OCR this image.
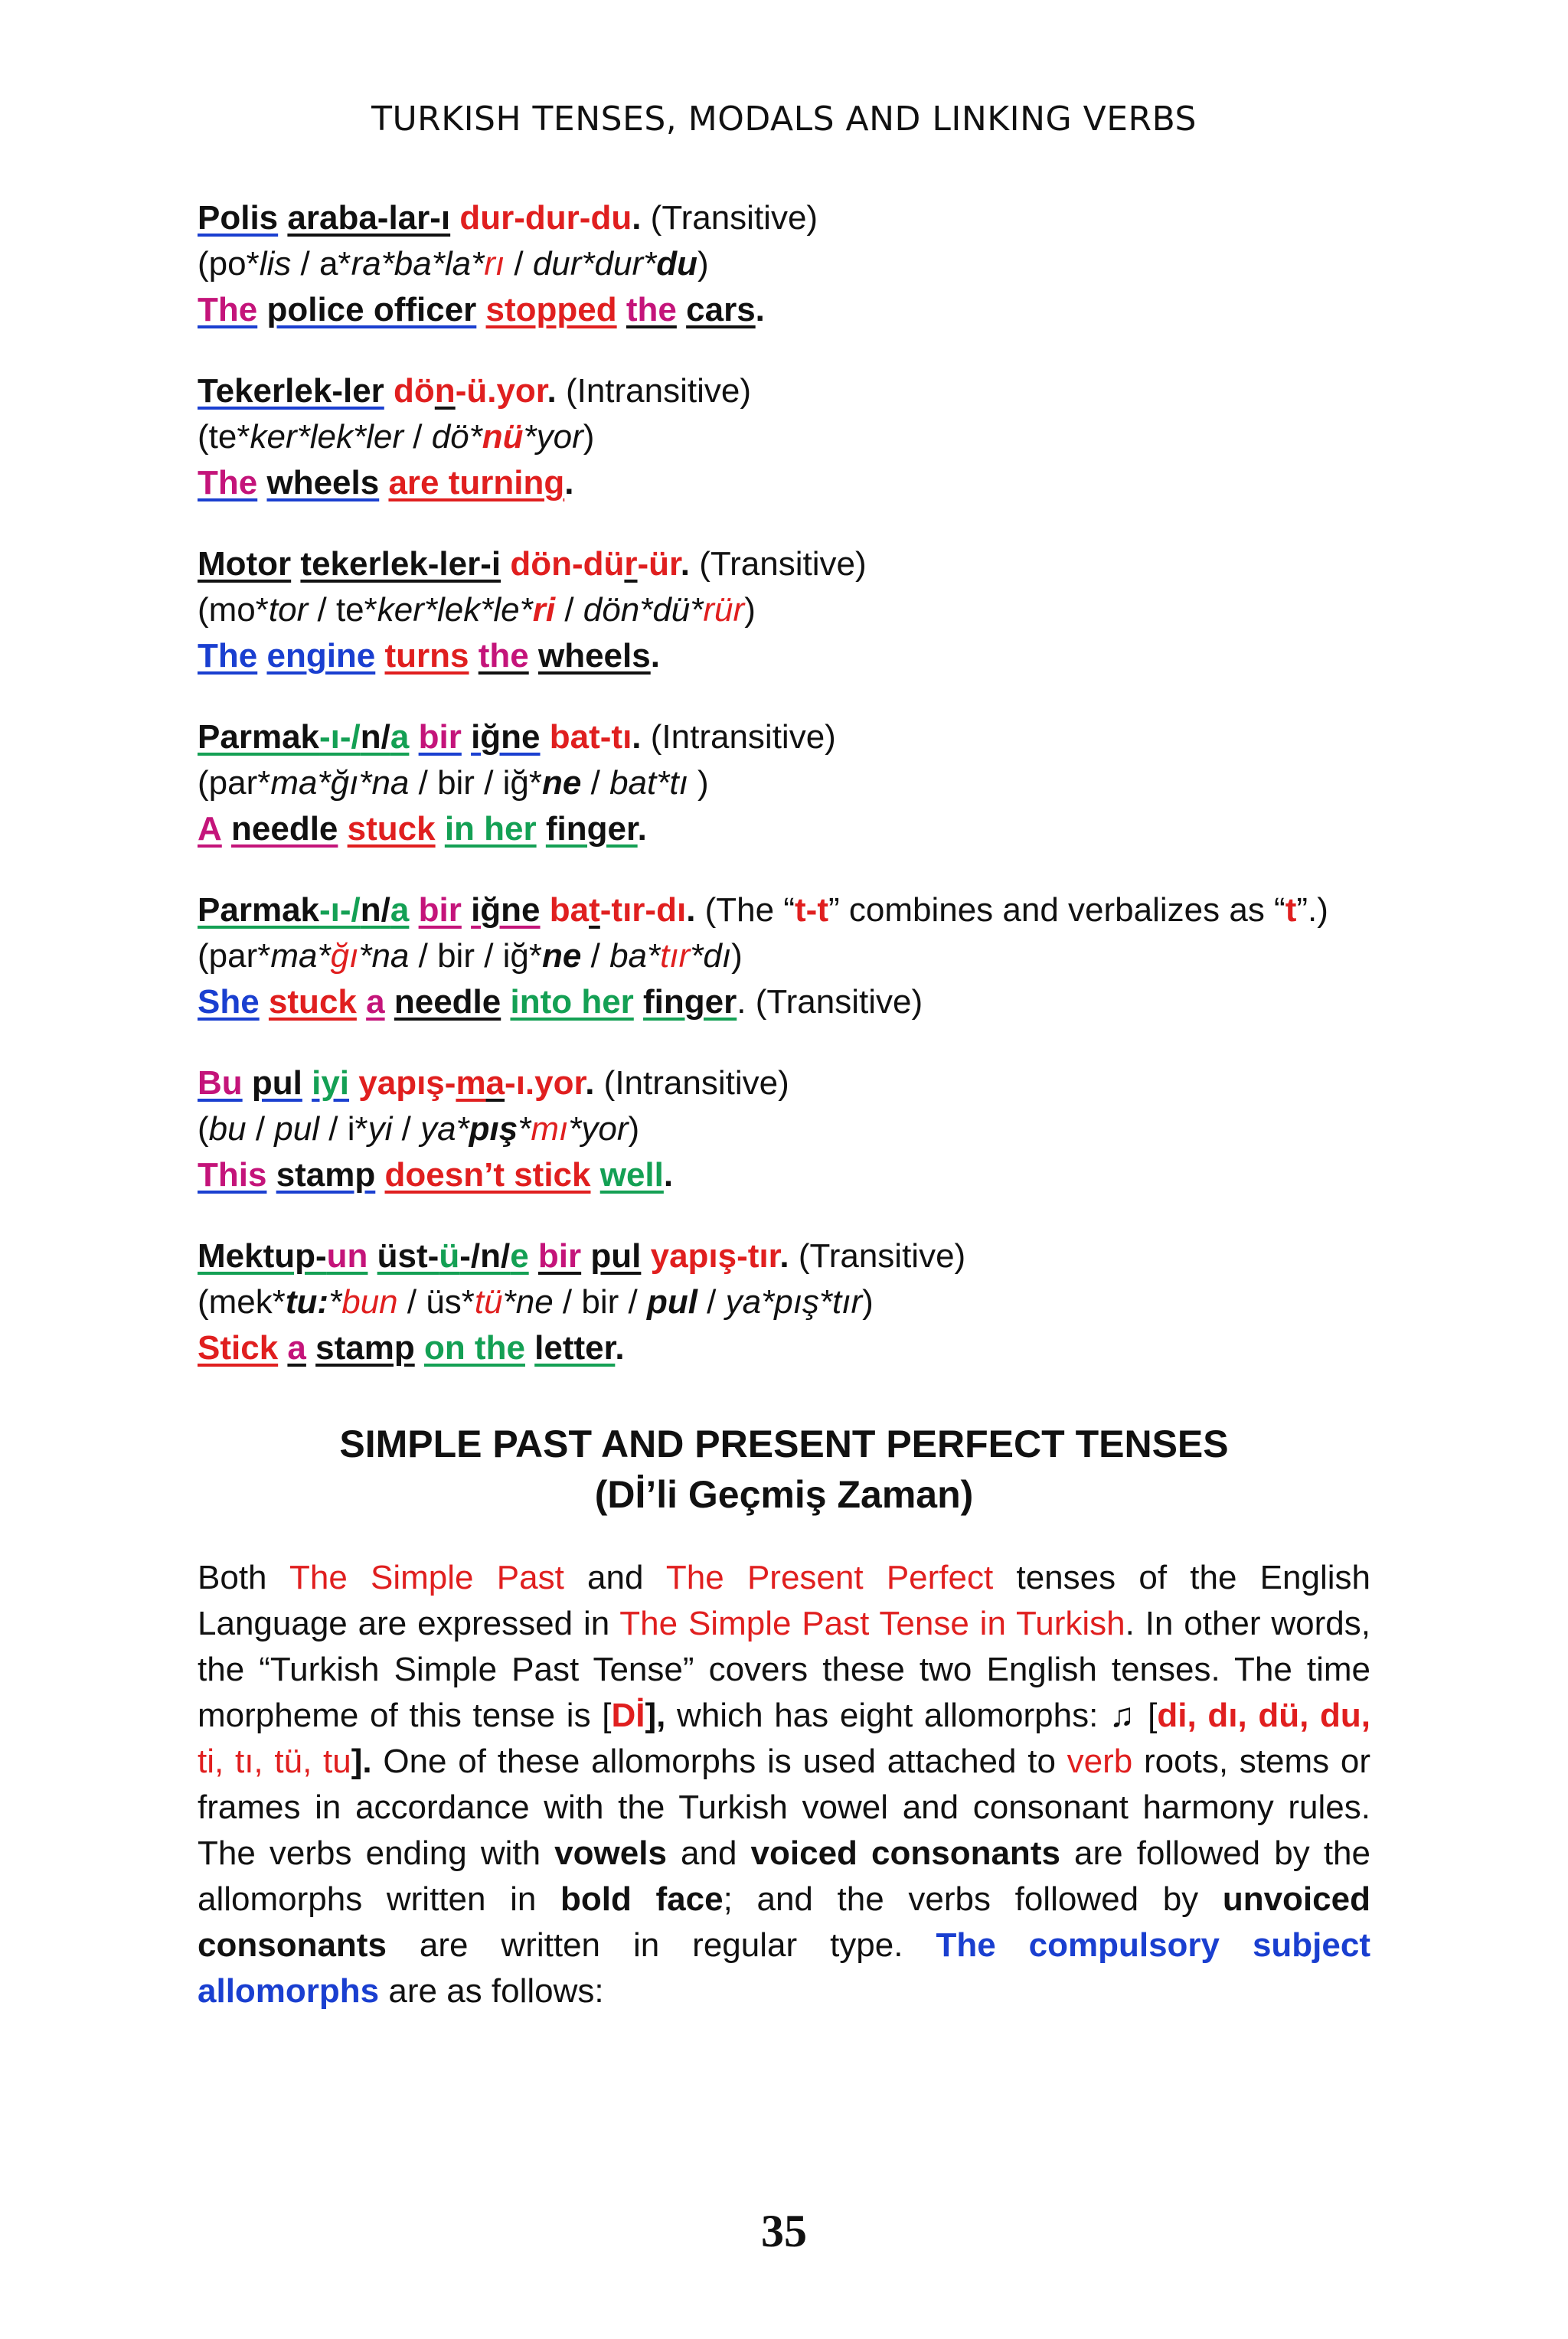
TURKISH TENSES, MODALS AND LINKING VERBS
Polis araba-lar-ı dur-dur-du. (Transitive)
(po*lis / a*ra*ba*la*rı / dur*dur*du)
The police officer stopped the cars.
Tekerlek-ler dön-ü.yor. (Intransitive)
(te*ker*lek*ler / dö*nü*yor)
The wheels are turning.
Motor tekerlek-ler-i dön-dür-ür. (Transitive)
(mo*tor / te*ker*lek*le*ri / dön*dü*rür)
The engine turns the wheels.
Parmak-ı-/n/a bir iğne bat-tı. (Intransitive)
(par*ma*ğı*na / bir / iğ*ne / bat*tı )
A needle stuck in her finger.
Parmak-ı-/n/a bir iğne bat-tır-dı. (The “t-t” combines and verbalizes as “t”.)
(par*ma*ğı*na / bir / iğ*ne / ba*tır*dı)
She stuck a needle into her finger. (Transitive)
Bu pul iyi yapış-ma-ı.yor. (Intransitive)
(bu / pul / i*yi / ya*pış*mı*yor)
This stamp doesn’t stick well.
Mektup-un üst-ü-/n/e bir pul yapış-tır. (Transitive)
(mek*tu:*bun / üs*tü*ne / bir / pul / ya*pış*tır)
Stick a stamp on the letter.
SIMPLE PAST AND PRESENT PERFECT TENSES
(Dİ’li Geçmiş Zaman)
Both The Simple Past and The Present Perfect tenses of the English Language are expressed in The Simple Past Tense in Turkish. In other words, the “Turkish Simple Past Tense” covers these two English tenses. The time morpheme of this tense is [Dİ], which has eight allomorphs: ♫ [di, dı, dü, du, ti, tı, tü, tu]. One of these allomorphs is used attached to verb roots, stems or frames in accordance with the Turkish vowel and consonant harmony rules. The verbs ending with vowels and voiced consonants are followed by the allomorphs written in bold face; and the verbs followed by unvoiced consonants are written in regular type. The compulsory subject allomorphs are as follows:
35
